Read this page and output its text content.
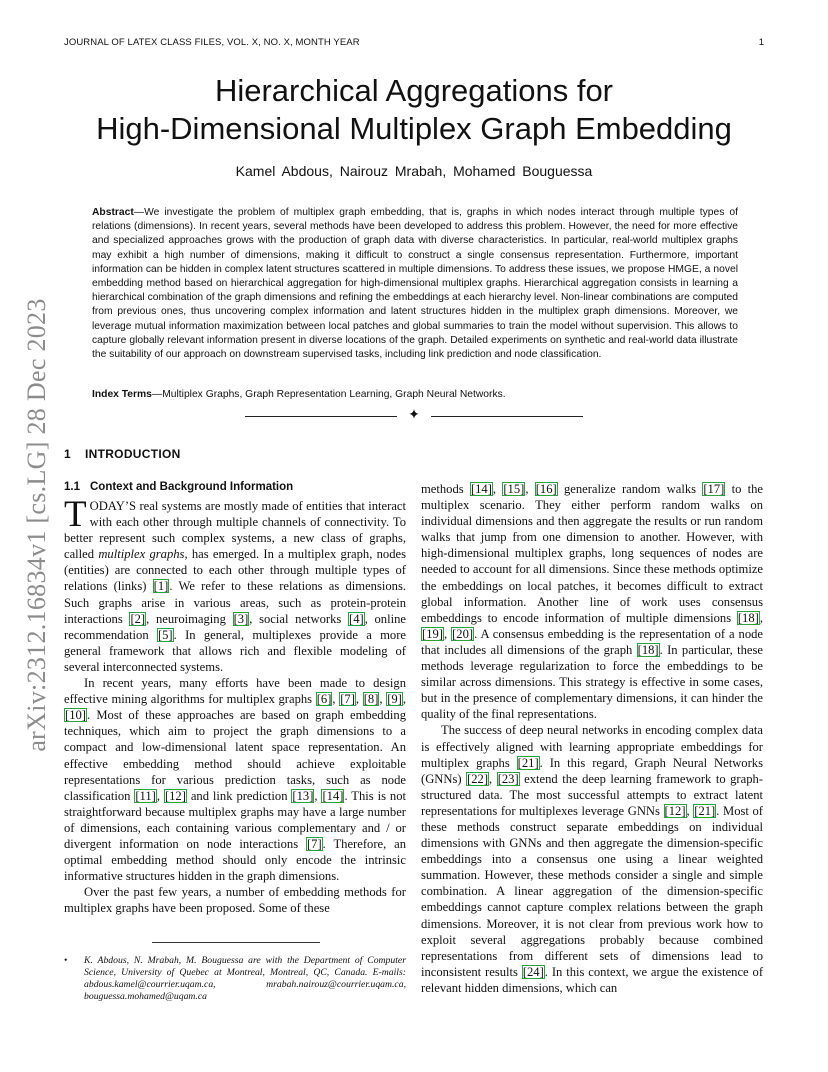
JOURNAL OF LATEX CLASS FILES, VOL. X, NO. X, MONTH YEAR	1
arXiv:2312.16834v1 [cs.LG] 28 Dec 2023
Hierarchical Aggregations for
High-Dimensional Multiplex Graph Embedding
Kamel Abdous, Nairouz Mrabah, Mohamed Bouguessa
Abstract—We investigate the problem of multiplex graph embedding, that is, graphs in which nodes interact through multiple types of relations (dimensions). In recent years, several methods have been developed to address this problem. However, the need for more effective and specialized approaches grows with the production of graph data with diverse characteristics. In particular, real-world multiplex graphs may exhibit a high number of dimensions, making it difficult to construct a single consensus representation. Furthermore, important information can be hidden in complex latent structures scattered in multiple dimensions. To address these issues, we propose HMGE, a novel embedding method based on hierarchical aggregation for high-dimensional multiplex graphs. Hierarchical aggregation consists in learning a hierarchical combination of the graph dimensions and refining the embeddings at each hierarchy level. Non-linear combinations are computed from previous ones, thus uncovering complex information and latent structures hidden in the multiplex graph dimensions. Moreover, we leverage mutual information maximization between local patches and global summaries to train the model without supervision. This allows to capture globally relevant information present in diverse locations of the graph. Detailed experiments on synthetic and real-world data illustrate the suitability of our approach on downstream supervised tasks, including link prediction and node classification.
Index Terms—Multiplex Graphs, Graph Representation Learning, Graph Neural Networks.
✦
1 INTRODUCTION
1.1 Context and Background Information

TODAY’S real systems are mostly made of entities that interact with each other through multiple channels of connectivity. To better represent such complex systems, a new class of graphs, called multiplex graphs, has emerged. In a multiplex graph, nodes (entities) are connected to each other through multiple types of relations (links) [1]. We refer to these relations as dimensions. Such graphs arise in various areas, such as protein-protein interactions [2], neuroimaging [3], social networks [4], online recommendation [5]. In general, multiplexes provide a more general framework that allows rich and flexible modeling of several interconnected systems.

In recent years, many efforts have been made to design effective mining algorithms for multiplex graphs [6], [7], [8], [9], [10]. Most of these approaches are based on graph embedding techniques, which aim to project the graph dimensions to a compact and low-dimensional latent space representation. An effective embedding method should achieve exploitable representations for various prediction tasks, such as node classification [11], [12] and link prediction [13], [14]. This is not straightforward because multiplex graphs may have a large number of dimensions, each containing various complementary and / or divergent information on node interactions [7]. Therefore, an optimal embedding method should only encode the intrinsic informative structures hidden in the graph dimensions.

Over the past few years, a number of embedding methods for multiplex graphs have been proposed. Some of these

• K. Abdous, N. Mrabah, M. Bouguessa are with the Department of Computer Science, University of Quebec at Montreal, Montreal, QC, Canada. E-mails: abdous.kamel@courrier.uqam.ca, mrabah.nairouz@courrier.uqam.ca, bouguessa.mohamed@uqam.ca

methods [14], [15], [16] generalize random walks [17] to the multiplex scenario. They either perform random walks on individual dimensions and then aggregate the results or run random walks that jump from one dimension to another. However, with high-dimensional multiplex graphs, long sequences of nodes are needed to account for all dimensions. Since these methods optimize the embeddings on local patches, it becomes difficult to extract global information. Another line of work uses consensus embeddings to encode information of multiple dimensions [18], [19], [20]. A consensus embedding is the representation of a node that includes all dimensions of the graph [18]. In particular, these methods leverage regularization to force the embeddings to be similar across dimensions. This strategy is effective in some cases, but in the presence of complementary dimensions, it can hinder the quality of the final representations.

The success of deep neural networks in encoding complex data is effectively aligned with learning appropriate embeddings for multiplex graphs [21]. In this regard, Graph Neural Networks (GNNs) [22], [23] extend the deep learning framework to graph-structured data. The most successful attempts to extract latent representations for multiplexes leverage GNNs [12], [21]. Most of these methods construct separate embeddings on individual dimensions with GNNs and then aggregate the dimension-specific embeddings into a consensus one using a linear weighted summation. However, these methods consider a single and simple combination. A linear aggregation of the dimension-specific embeddings cannot capture complex relations between the graph dimensions. Moreover, it is not clear from previous work how to exploit several aggregations probably because combined representations from different sets of dimensions lead to inconsistent results [24]. In this context, we argue the existence of relevant hidden dimensions, which can
